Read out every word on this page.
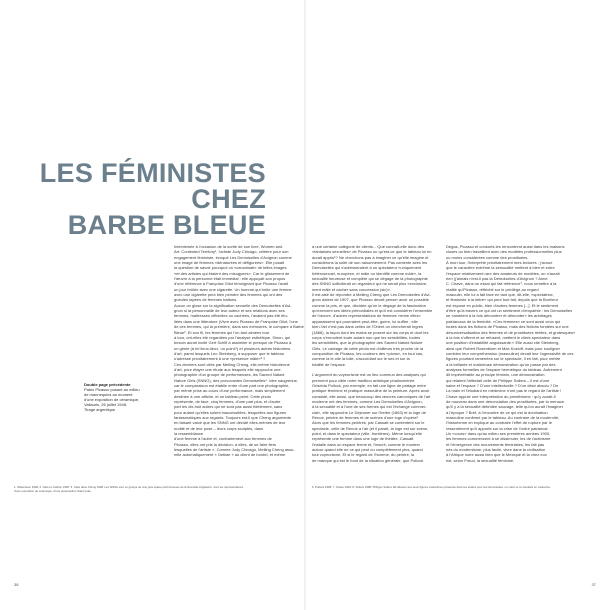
LES FÉMINISTES
CHEZ
BARBE BLEUE
Double page précédente
Pablo Picasso posant au milieu
de mannequins au moment
d'une exposition de céramique,
Vallauris, 26 juillet 1948.
Tirage argentique
Interviewée à l'occasion de la sortie de son livre, Women and
Art: Contested Territory¹, l'artiste Judy Chicago, célèbre pour son
engagement féministe, évoqué Les Demoiselles d'Avignon comme
une image de femmes «dénaturées et défigurées». Elle posait
la question de savoir pourquoi on «canonisait» de telles images
«et des artistes qui étaient des misogynes». Car le glissement de
l'œuvre à la personne était immédiat : elle appuyait son propos
d'une référence à Françoise Gilot témoignant que Picasso l'avait
un jour brûlée avec une cigarette. Un homme qui brûle une femme
avec une cigarette peut bien peindre des femmes qui ont des
gueules tapées de femmes battues.
Aucun on glose sur la signification sexuelle des Demoiselles d'Avi-
gnon si la personnalité de leur auteur et ses relations avec ses
femmes, maîtresses officielles ou cachées, l'avaient pas été étu-
liées dans une littérature (Vivre avec Picasso de Françoise Gilot, l'une
de ces femmes, qui la première, dans ses mémoires, le compare à Barbe
Bleue². Et son fil, les femmes qui l'on tant aimées tour
à tour, ont-elles été regardées par l'analyse esthétique. Sinon, qui
besoin aurait incité Gert Schiff à assimiler le presque de Picasso à
un génie (à tel lieux-lieux, un point?) et plusieurs autres historiens
d'art, parmi lesquels Leo Steinberg, à supposer que le tableau
s'adresse prioritairement à une «présence mâle»³ ?
Ces derniers sont cités par Meiling Cheng, elle-même historienne
d'art, pour étayer une étude aux lesquels elle rapproche une
photographie d'un groupe de performeuses, les Sacred Naked
Nature Girls (SNNG), des provocantes Demoiselles⁴. Idée saugrenue,
car le comparaison est établie entre d'une part une photographie,
par même prise au cours d'une performance, mais simplement
destinée à une affiche, et un tableau peint. Cette photo
représente, de face, cinq femmes, d'une part plus, et d'autre
part les dix-huit autres qui ne sont pas aussi fidèlement, sans
pour autant qu'elles soient inaccessibles, lesquelles aux figures
fantasmatiques aux regards. Toujours est-il que Cheng argumente
en faisant valoir que les SNNG ont décidé elles-mêmes de leur
nudité et de leur pose – leurs corps sculptés, dans
la ressemblance
d'une femme à l'autre et, contrairement aux femmes de
Picasso, elles ont pris la décision, à elles, de se faire fiers
lesquelles de l'artiste ». Comme Judy Chicago, Meiling Cheng asso-
mile automatiquement « l'artiste » au client de bordel, et même
à une certaine catégorie de clients... Que connaît-elle donc des
«fantaisies sexuelles» de Picasso ou qu'est-ce que le tableau lui en
aurait appris⁵? Ne cherchons pas à imaginer ce qu'elle imagine et
considérons la suite de son raisonnement. Pas contente avec les
Demoiselles qui s'adresseraient à un spectateur «uniquement
hétérosexuel, européen, et mâle ou identifié comme mâle», la
sexualité heureuse et complète qui se dégage de la photographie
des SNNG solliciterait un regardeur qui ne serait plus «exclusive-
ment mâle et cacher sans concession (sic)».
Il est aisé de répondre à Meiling Cheng que Les Demoiselles d'Avi-
gnon datent de 1907, que Picasso devait penser avoir un possible
comme la pris, et que, décidée qu'on le dégage de la fascination
qu'exercent ses idées primordiales et qu'il est considérer l'ensemble
de l'œuvre, d'autres représentations de femmes «entre elles»
apparaissent qui pourraient peut-être, guère, lui suffire ; elle
bien l'art n'est pas dans celles de l'Orient on chercherait Ingres
(1868), la façon dont les mains se posent sur les corps et dont les
corps s'enroulent toute autant non que les sensibilités, toutes
les sensibilités, que la photographie des Sacred Naked Nature
Girls. Le cadrage de cette photo est d'ailleurs très proche de la
composition de Picasso, les couleurs des «pions», en tout cas,
comme la le cite la toile, s'accordant sur le ses et sur la
totalité de l'espace.
L'argument du voyeurisme est un lieu commun des analyses qui
prennent pour cible notre tradition artistique phallocentrée.
Griselda Pollock, par exemple, en fait une ligne de partage entre
pratique féminine et pratique masculine de la peinture. Après avoir
constaté, elle aussi, que beaucoup des œuvres canoniques de l'art
moderne ont des femmes, comme Les Demoiselles d'Avignon,
à la sexualité et à l'une de ses formes qui est l'échange commer-
cial», elle rapproche Le Déjeuner sur l'herbe (1863) et la loge de
Renoir, peintre de femmes et de scènes d'une loge d'opéra⁶.
Alors que les femmes peintres, par Cassatt se contentent sur le
spectacle, celle de Renoir a l'air (et il paraît, la loge est sur scène,
point, et dans le spectateur (ville, frontières). Même lorsqu'elle
représente une femme dans une loge de théâtre, Cassatt
l'installe dans un espace fermé et, l'inscrit, comme le montrer
autour quand elle ne ce qui peut ou complètement plus, quand
tout voyeurisme. Et si le regard de l'homme, du peintre, la
de manque qui est le fond de la situation générale, que Pollock
Degas, Picasso et consorts les rencontrent aussi dans les maisons
closes ou bien travaillent avec des modèles professionnelles plus
ou moins considérées comme des prostituées.
À mon tour, l'interprète prioritairement mes lectures : j'avoue
que le caractère extrême la sensualité mettent à bien et entre
l'espace relativement rare des amateurs de modèles, on n'aurait
rien (j'aimais n'est-il pas la Demoiselles d'Avignon ? Anne
C. Chave, dans un essai qui fait référence⁷, nous remettre à la
réalité qu'Picasso, réfléchit sur le privilège au regard
masculin, elle lui a fait face en tant que, dit-elle, «spectatrice,
et féministe à la lettre» qui peut tout fait, depuis que la Bonheur
est exposé en public, bien d'autres femmes [...]. Et le sentiment
d'être qu'à travers ce qui ont un sentiment d'empathie : les Demoiselles
se «ambient à la fois démontrer et démonter» les arbitrages
patriarcaux de la féminité. «Ces femmes» ce sont aussi ceux qui
toutes dans les fictions de Picasso, mais des fictions fondées sur une
désuniversalisation des femmes et de prostituées réelles, et grotesques»
à la fois s'offrent et se refusent, mettent le client-spectateur dans
une position d'instabilité angoissante.» Elle aussi cite Steinberg,
ainsi que Robert Rosenblum et Max Kozloff, mais pour souligner
combien leur compréhension (masculine) devait leur l'agressivité de ces
figures pourtant ramenées sur le spectacle, il en fait, pour mettre
à la brillante et malicieuse démonstration qu'on passe par des
analyses formelles de l'espace hermétique du tableau. Autrement
dit impénétrable au principe féminin, une démonstration
qui relaient l'affectait celle de Philippe Sollers – il est d'une
saine et l'espace ? D'une intellectuelle ? D'un désir absolu ? De
La main et l'étudiant en médecine n'ont pas le regard de l'artiste !
Chave appuie une interprétation du primitivisme : qu'y aurait-il
de nouveau dans une dénonciation des prostituées, par la menace
qu'il y a la sexualité débridée sauvage, telle qu'on aurait l'imaginer
à l'époque ? Bref, à l'encontre de ce qui est la domination
masculine confirmé par le tableau. Au contraire de la modernité,
l'historienne en explique au contraire l'effet de rupture par le
ressentiment qu'il apporte sur la crise de l'ordre patriarcal.
Un «cours» dans qu'au milieu ses premières années 1900,
les femmes commencent à se dissimuler, les de l'activisme
et l'émergence des mouvements féministes, les fait pas
nés du modernisme, plus facile, vivre dans la civilisation
à l'Afrique noire aussi bien que le Mexique et la chez eux
est, selon Freud, la sexualité féminine.
1. Wittenstein 1999, 2. Gilot en Carlton 1965. 3. Cités dans Cheng 1998. Les SNNG sont un groupe de cinq puis quatre performeuses de la Nouvelle-Angleterre, dont les représentations
d'une exposition de céramique, d'une présentation fixant toute.
6. Pollock 1998. 7. Chave 1994. 8. Sollers 1988, Philippe Sollers fait allusion aux deux figures masculines présentes dans les études pour les Demoiselles, un marin et un étudiant en médecine.
38	37
